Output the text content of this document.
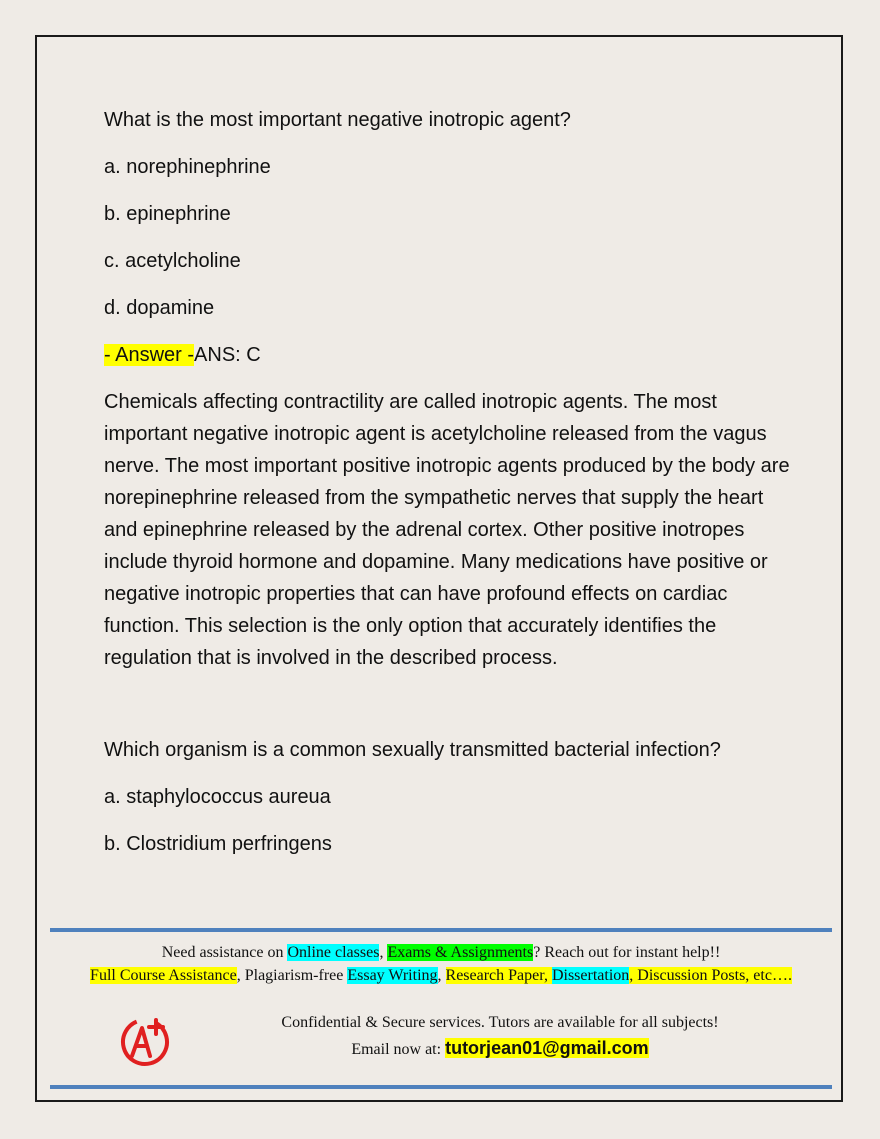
What is the most important negative inotropic agent?

a. norephinephrine

b. epinephrine

c. acetylcholine

d. dopamine

- Answer -ANS: C

Chemicals affecting contractility are called inotropic agents. The most important negative inotropic agent is acetylcholine released from the vagus nerve. The most important positive inotropic agents produced by the body are norepinephrine released from the sympathetic nerves that supply the heart and epinephrine released by the adrenal cortex. Other positive inotropes include thyroid hormone and dopamine. Many medications have positive or negative inotropic properties that can have profound effects on cardiac function. This selection is the only option that accurately identifies the regulation that is involved in the described process.

Which organism is a common sexually transmitted bacterial infection?

a. staphylococcus aureua

b. Clostridium perfringens

Need assistance on Online classes, Exams & Assignments? Reach out for instant help!!
Full Course Assistance, Plagiarism-free Essay Writing, Research Paper, Dissertation, Discussion Posts, etc….
Confidential & Secure services. Tutors are available for all subjects!
Email now at: tutorjean01@gmail.com
